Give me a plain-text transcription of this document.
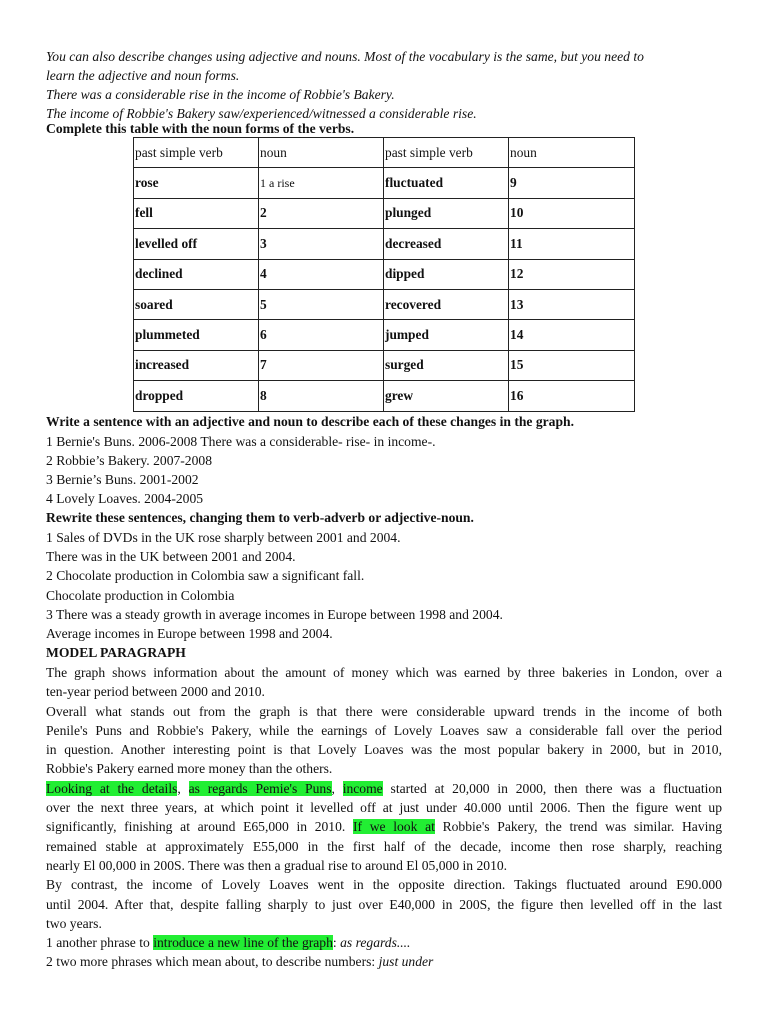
You can also describe changes using adjective and nouns. Most of the vocabulary is the same, but you need to
learn the adjective and noun forms.
There was a considerable rise in the income of Robbie's Bakery.
The income of Robbie's Bakery saw/experienced/witnessed a considerable rise.
Complete this table with the noun forms of the verbs.
past simple verb	noun	past simple verb	noun
rose	1 a rise	fluctuated	9
fell	2	plunged	10
levelled off	3	decreased	11
declined	4	dipped	12
soared	5	recovered	13
plummeted	6	jumped	14
increased	7	surged	15
dropped	8	grew	16
Write a sentence with an adjective and noun to describe each of these changes in the graph.
1 Bernie's Buns. 2006-2008 There was a considerable- rise- in income-.
2 Robbie’s Bakery. 2007-2008
3 Bernie’s Buns. 2001-2002
4 Lovely Loaves. 2004-2005
Rewrite these sentences, changing them to verb-adverb or adjective-noun.
1 Sales of DVDs in the UK rose sharply between 2001 and 2004.
There was in the UK between 2001 and 2004.
2 Chocolate production in Colombia saw a significant fall.
Chocolate production in Colombia
3 There was a steady growth in average incomes in Europe between 1998 and 2004.
Average incomes in Europe between 1998 and 2004.
MODEL PARAGRAPH
The graph shows information about the amount of money which was earned by three bakeries in London, over a
ten-year period between 2000 and 2010.
Overall what stands out from the graph is that there were considerable upward trends in the income of both
Penile's Puns and Robbie's Pakery, while the earnings of Lovely Loaves saw a considerable fall over the period
in question. Another interesting point is that Lovely Loaves was the most popular bakery in 2000, but in 2010,
Robbie's Pakery earned more money than the others.
Looking at the details, as regards Pemie's Puns, income started at 20,000 in 2000, then there was a fluctuation
over the next three years, at which point it levelled off at just under 40.000 until 2006. Then the figure went up
significantly, finishing at around E65,000 in 2010. If we look at Robbie's Pakery, the trend was similar. Having
remained stable at approximately E55,000 in the first half of the decade, income then rose sharply, reaching
nearly El 00,000 in 200S. There was then a gradual rise to around El 05,000 in 2010.
By contrast, the income of Lovely Loaves went in the opposite direction. Takings fluctuated around E90.000
until 2004. After that, despite falling sharply to just over E40,000 in 200S, the figure then levelled off in the last
two years.
1 another phrase to introduce a new line of the graph: as regards....
2 two more phrases which mean about, to describe numbers: just under
